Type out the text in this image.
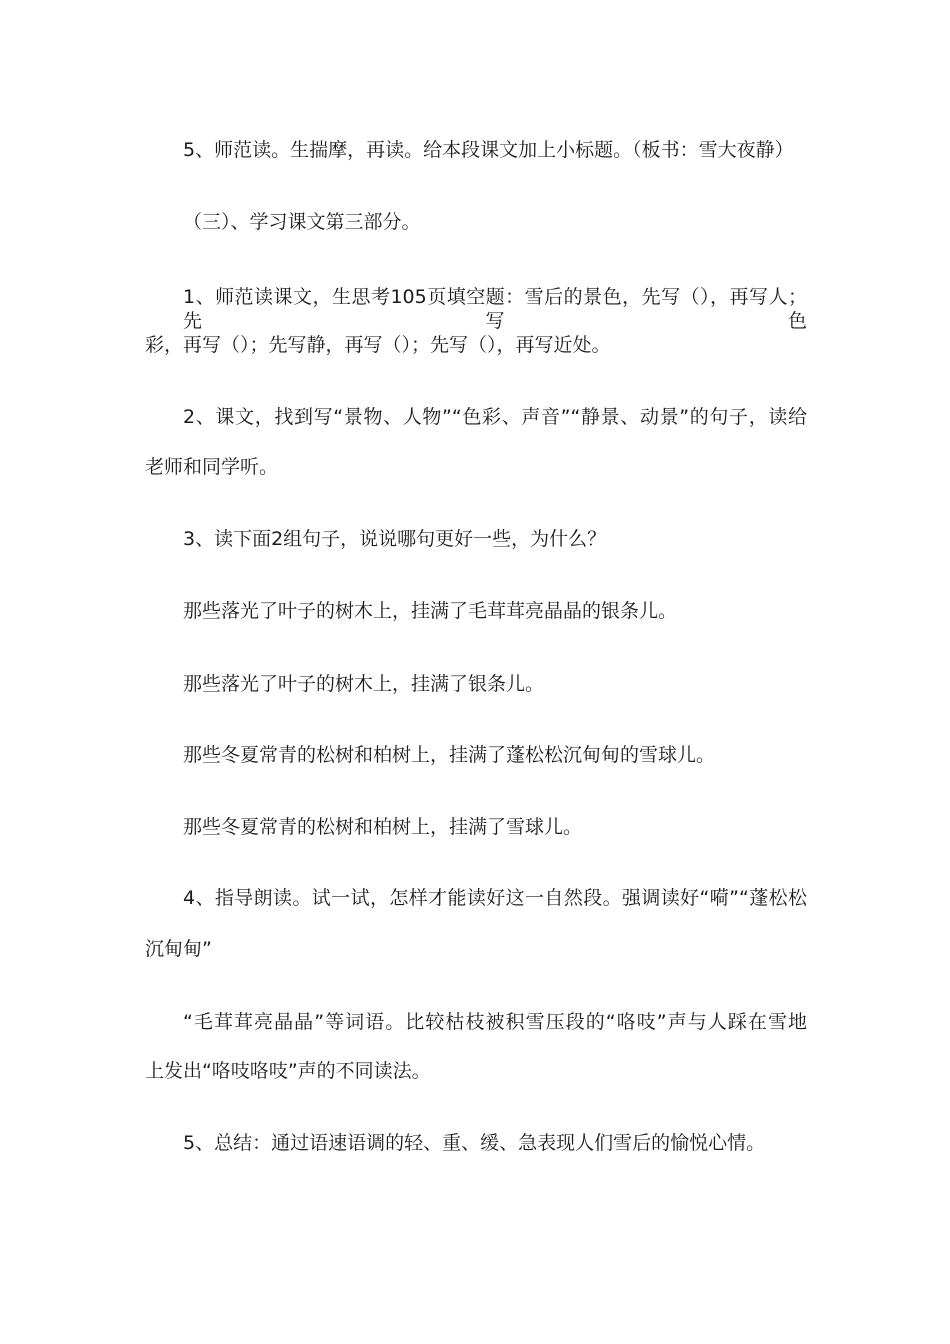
5、师范读。生揣摩，再读。给本段课文加上小标题。（板书：雪大夜静）

（三）、学习课文第三部分。

1、师范读课文，生思考105页填空题：雪后的景色，先写（），再写人；先写色

彩，再写（）；先写静，再写（）；先写（），再写近处。

2、课文，找到写“景物、人物”“色彩、声音”“静景、动景”的句子，读给

老师和同学听。

3、读下面2组句子，说说哪句更好一些，为什么？

那些落光了叶子的树木上，挂满了毛茸茸亮晶晶的银条儿。

那些落光了叶子的树木上，挂满了银条儿。

那些冬夏常青的松树和柏树上，挂满了蓬松松沉甸甸的雪球儿。

那些冬夏常青的松树和柏树上，挂满了雪球儿。

4、指导朗读。试一试，怎样才能读好这一自然段。强调读好“嗬”“蓬松松

沉甸甸”

“毛茸茸亮晶晶”等词语。比较枯枝被积雪压段的“咯吱”声与人踩在雪地

上发出“咯吱咯吱”声的不同读法。

5、总结：通过语速语调的轻、重、缓、急表现人们雪后的愉悦心情。
